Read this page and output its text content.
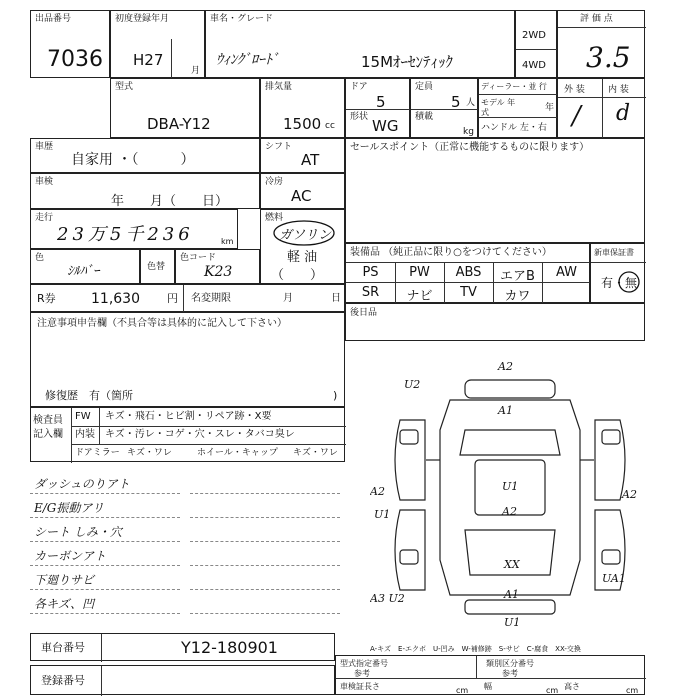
出品番号
7036
初度登録年月
H27
月
車名・グレード
ｳｨﾝｸﾞﾛｰﾄﾞ	15Mｵｰｾﾝﾃｨｯｸ
2WD
4WD
評 価 点
3.5
型式
DBA-Y12
排気量
1500 cc
ドア
5
形状 WG
定員
5 人
積載
kg
ディーラー・並 行
モデル 年式	年
ハンドル 左・右
外 装	内 装
/ d
車歴
自家用 ・（　　　）
シフト
AT
セールスポイント（正常に機能するものに限ります）
車検
年　　月（　　日）
冷房
AC
走行
23万5千236	km
燃料
ガソリン
軽 油
（　　）
色
ｼﾙﾊﾞｰ	色替
色コード
K23
装備品 （純正品に限り○をつけてください）
PS	PW	ABS	エアB	AW
SR	ナビ	TV	カワ
新車保証書
有・無
後日品
R券	11,630 円 名変期限	月	日
注意事項申告欄（不具合等は具体的に記入して下さい）
修復歴　有（箇所	)
検査員 記入欄
FW キズ・飛石・ヒビ割・リペア跡・X要
内装 キズ・汚レ・コゲ・穴・スレ・タバコ臭レ
ドアミラー キズ・ワレ	ホイール・キャップ キズ・ワレ
ダッシュのりアト
E/G振動アリ
シート しみ・穴
カーボンアト
下廻りサビ
各キズ、凹
A2
U2
A1
U1
A2
A2
U1
A2
XX
A1
U1
UA1
A3 U2
A-キズ　E-エクボ　U-凹み　W-補修跡　S-サビ　C-腐食　XX-交換
車台番号	Y12-180901
登録番号
型式指定番号
参考
類別区分番号
参考
車検証長さ	cm 幅	cm 高さ	cm
